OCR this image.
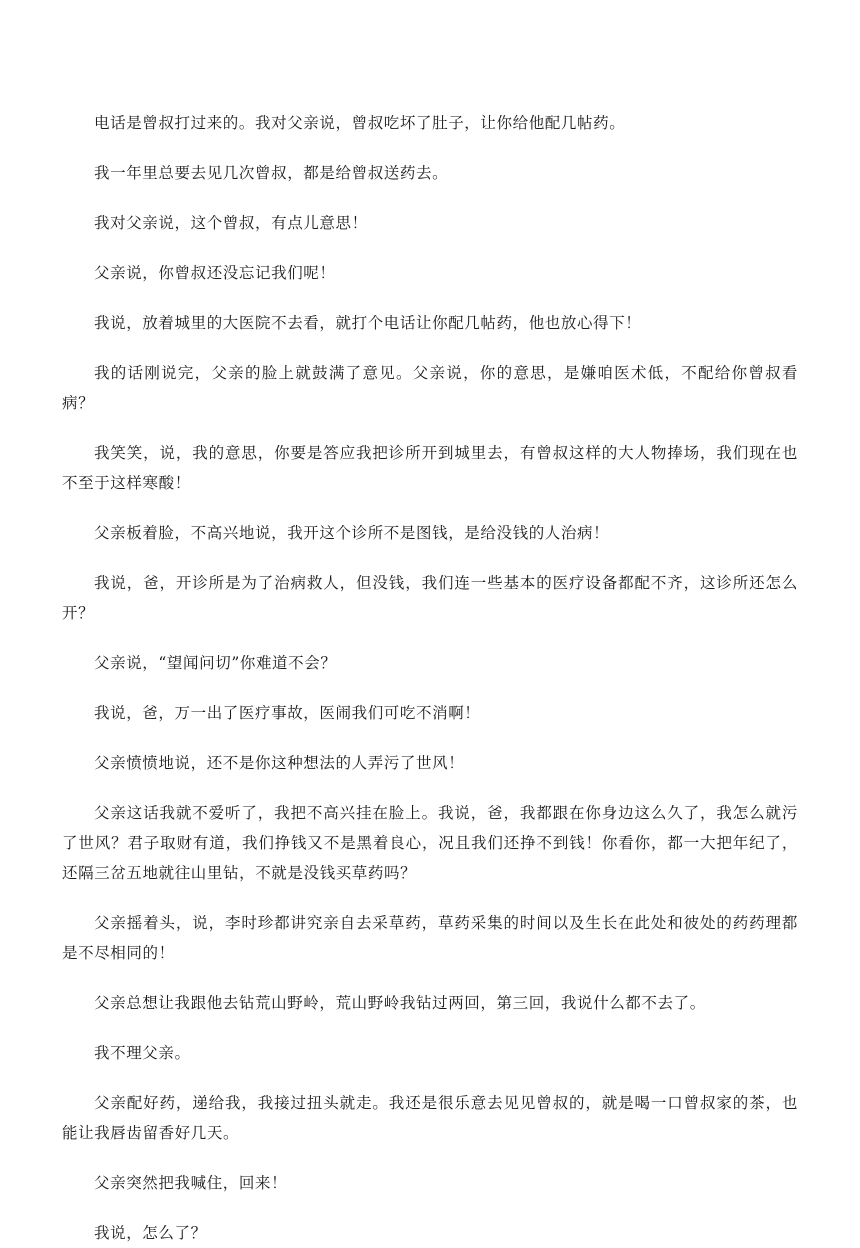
电话是曾叔打过来的。我对父亲说，曾叔吃坏了肚子，让你给他配几帖药。

我一年里总要去见几次曾叔，都是给曾叔送药去。

我对父亲说，这个曾叔，有点儿意思！

父亲说，你曾叔还没忘记我们呢！

我说，放着城里的大医院不去看，就打个电话让你配几帖药，他也放心得下！

我的话刚说完，父亲的脸上就鼓满了意见。父亲说，你的意思，是嫌咱医术低，不配给你曾叔看病？

我笑笑，说，我的意思，你要是答应我把诊所开到城里去，有曾叔这样的大人物捧场，我们现在也不至于这样寒酸！

父亲板着脸，不高兴地说，我开这个诊所不是图钱，是给没钱的人治病！

我说，爸，开诊所是为了治病救人，但没钱，我们连一些基本的医疗设备都配不齐，这诊所还怎么开？

父亲说，“望闻问切”你难道不会？

我说，爸，万一出了医疗事故，医闹我们可吃不消啊！

父亲愤愤地说，还不是你这种想法的人弄污了世风！

父亲这话我就不爱听了，我把不高兴挂在脸上。我说，爸，我都跟在你身边这么久了，我怎么就污了世风？君子取财有道，我们挣钱又不是黑着良心，况且我们还挣不到钱！你看你，都一大把年纪了，还隔三岔五地就往山里钻，不就是没钱买草药吗？

父亲摇着头，说，李时珍都讲究亲自去采草药，草药采集的时间以及生长在此处和彼处的药药理都是不尽相同的！

父亲总想让我跟他去钻荒山野岭，荒山野岭我钻过两回，第三回，我说什么都不去了。

我不理父亲。

父亲配好药，递给我，我接过扭头就走。我还是很乐意去见见曾叔的，就是喝一口曾叔家的茶，也能让我唇齿留香好几天。

父亲突然把我喊住，回来！

我说，怎么了？
